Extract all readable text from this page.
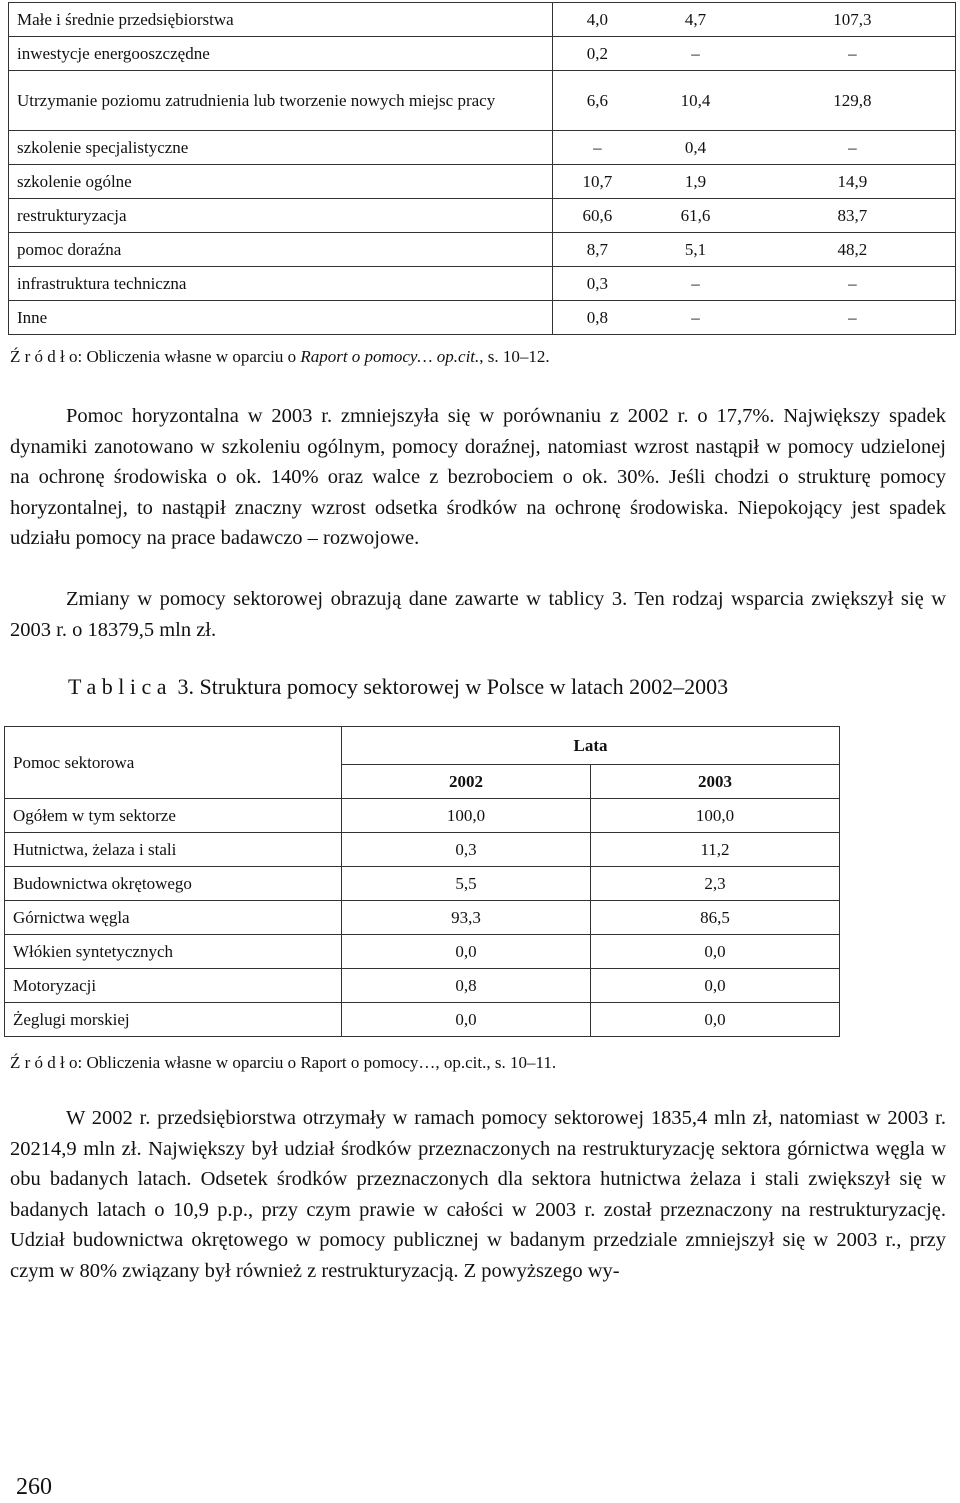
Małe i średnie przedsiębiorstwa	4,0	4,7	107,3
inwestycje energooszczędne	0,2	–	–
Utrzymanie poziomu zatrudnienia lub tworzenie nowych miejsc pracy	6,6	10,4	129,8
szkolenie specjalistyczne	–	0,4	–
szkolenie ogólne	10,7	1,9	14,9
restrukturyzacja	60,6	61,6	83,7
pomoc doraźna	8,7	5,1	48,2
infrastruktura techniczna	0,3	–	–
Inne	0,8	–	–
Ź r ó d ł o: Obliczenia własne w oparciu o Raport o pomocy… op.cit., s. 10–12.

Pomoc horyzontalna w 2003 r. zmniejszyła się w porównaniu z 2002 r. o 17,7%. Największy spadek dynamiki zanotowano w szkoleniu ogólnym, pomocy doraźnej, natomiast wzrost nastąpił w pomocy udzielonej na ochronę środowiska o ok. 140% oraz walce z bezrobociem o ok. 30%. Jeśli chodzi o strukturę pomocy horyzontalnej, to nastąpił znaczny wzrost odsetka środków na ochronę środowiska. Niepokojący jest spadek udziału pomocy na prace badawczo – rozwojowe.

Zmiany w pomocy sektorowej obrazują dane zawarte w tablicy 3. Ten rodzaj wsparcia zwiększył się w 2003 r. o 18379,5 mln zł.

T a b l i c a  3. Struktura pomocy sektorowej w Polsce w latach 2002–2003
Pomoc sektorowa	Lata	
	2002	2003
Ogółem w tym sektorze	100,0	100,0
Hutnictwa, żelaza i stali	0,3	11,2
Budownictwa okrętowego	5,5	2,3
Górnictwa węgla	93,3	86,5
Włókien syntetycznych	0,0	0,0
Motoryzacji	0,8	0,0
Żeglugi morskiej	0,0	0,0
Ź r ó d ł o: Obliczenia własne w oparciu o Raport o pomocy…, op.cit., s. 10–11.

W 2002 r. przedsiębiorstwa otrzymały w ramach pomocy sektorowej 1835,4 mln zł, natomiast w 2003 r. 20214,9 mln zł. Największy był udział środków przeznaczonych na restrukturyzację sektora górnictwa węgla w obu badanych latach. Odsetek środków przeznaczonych dla sektora hutnictwa żelaza i stali zwiększył się w badanych latach o 10,9 p.p., przy czym prawie w całości w 2003 r. został przeznaczony na restrukturyzację. Udział budownictwa okrętowego w pomocy publicznej w badanym przedziale zmniejszył się w 2003 r., przy czym w 80% związany był również z restrukturyzacją. Z powyższego wy-

260
